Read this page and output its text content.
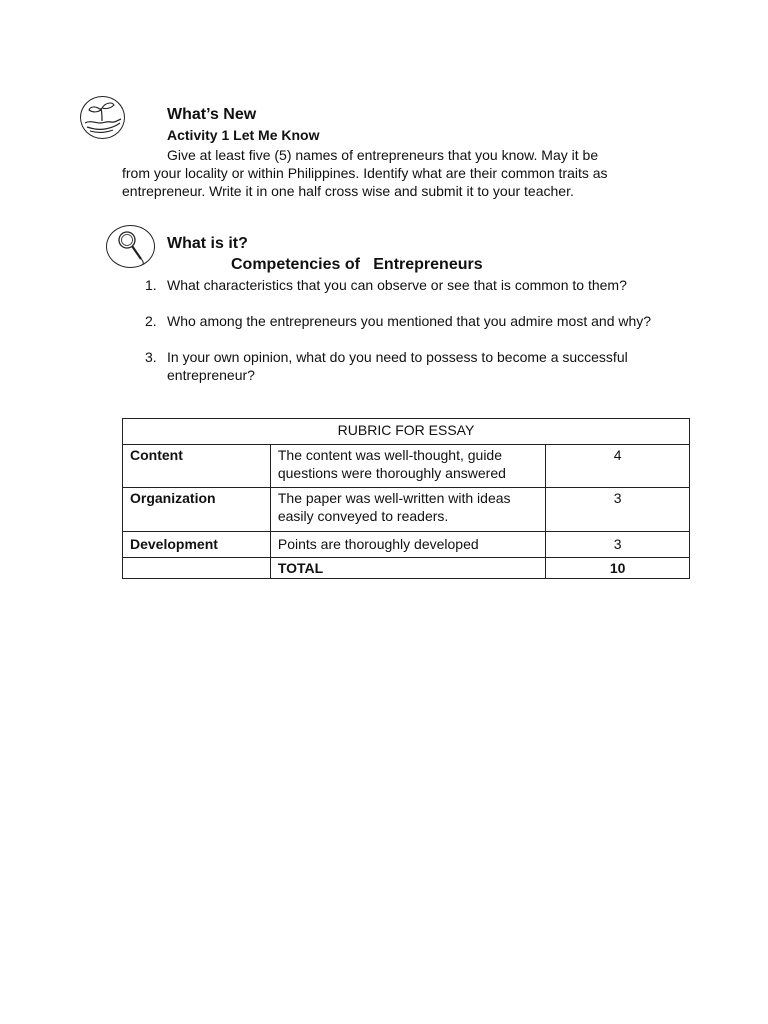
What’s New
Activity 1 Let Me Know

Give at least five (5) names of entrepreneurs that you know. May it be from your locality or within Philippines. Identify what are their common traits as entrepreneur. Write it in one half cross wise and submit it to your teacher.

What is it?
Competencies of   Entrepreneurs
1. What characteristics that you can observe or see that is common to them?
2. Who among the entrepreneurs you mentioned that you admire most and why?
3. In your own opinion, what do you need to possess to become a successful entrepreneur?
RUBRIC FOR ESSAY		
Content	The content was well-thought, guide questions were thoroughly answered	4
Organization	The paper was well-written with ideas easily conveyed to readers.	3
Development	Points are thoroughly developed	3
	TOTAL	10
